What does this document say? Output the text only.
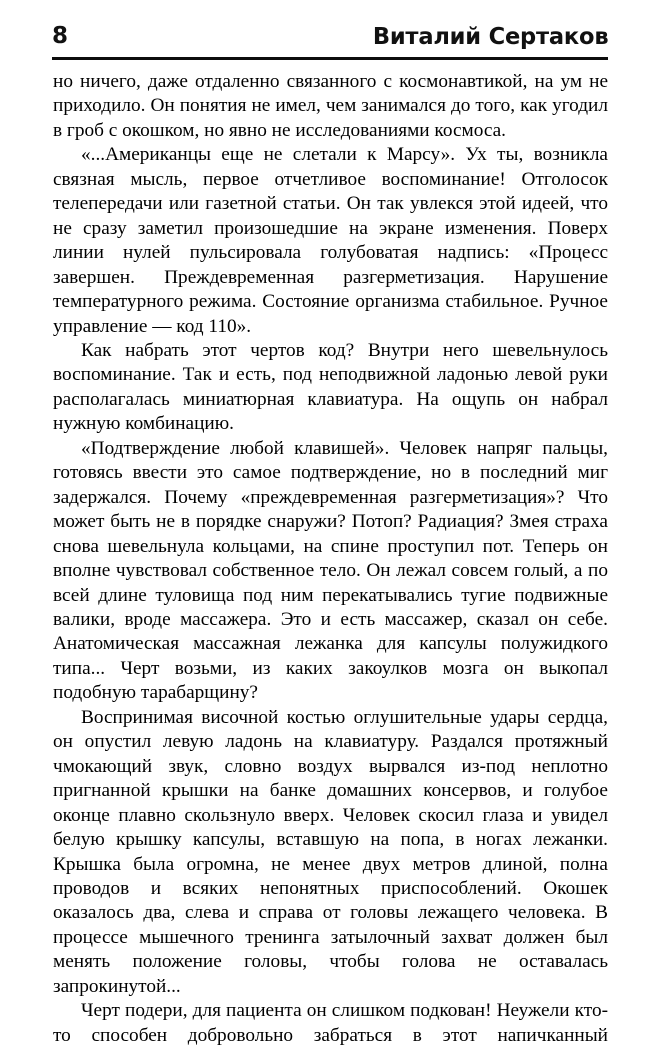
8	Виталий Сертаков

но ничего, даже отдаленно связанного с космонавтикой, на ум не приходило. Он понятия не имел, чем занимался до того, как угодил в гроб с окошком, но явно не исследованиями космоса.

«...Американцы еще не слетали к Марсу». Ух ты, возникла связная мысль, первое отчетливое воспоминание! Отголосок телепередачи или газетной статьи. Он так увлекся этой идеей, что не сразу заметил произошедшие на экране изменения. Поверх линии нулей пульсировала голубоватая надпись: «Процесс завершен. Преждевременная разгерметизация. Нарушение температурного режима. Состояние организма стабильное. Ручное управление — код 110».

Как набрать этот чертов код? Внутри него шевельнулось воспоминание. Так и есть, под неподвижной ладонью левой руки располагалась миниатюрная клавиатура. На ощупь он набрал нужную комбинацию.

«Подтверждение любой клавишей». Человек напряг пальцы, готовясь ввести это самое подтверждение, но в последний миг задержался. Почему «преждевременная разгерметизация»? Что может быть не в порядке снаружи? Потоп? Радиация? Змея страха снова шевельнула кольцами, на спине проступил пот. Теперь он вполне чувствовал собственное тело. Он лежал совсем голый, а по всей длине туловища под ним перекатывались тугие подвижные валики, вроде массажера. Это и есть массажер, сказал он себе. Анатомическая массажная лежанка для капсулы полужидкого типа... Черт возьми, из каких закоулков мозга он выкопал подобную тарабарщину?

Воспринимая височной костью оглушительные удары сердца, он опустил левую ладонь на клавиатуру. Раздался протяжный чмокающий звук, словно воздух вырвался из-под неплотно пригнанной крышки на банке домашних консервов, и голубое оконце плавно скользнуло вверх. Человек скосил глаза и увидел белую крышку капсулы, вставшую на попа, в ногах лежанки. Крышка была огромна, не менее двух метров длиной, полна проводов и всяких непонятных приспособлений. Окошек оказалось два, слева и справа от головы лежащего человека. В процессе мышечного тренинга затылочный захват должен был менять положение головы, чтобы голова не оставалась запрокинутой...

Черт подери, для пациента он слишком подкован! Неужели кто-то способен добровольно забраться в этот напичканный
